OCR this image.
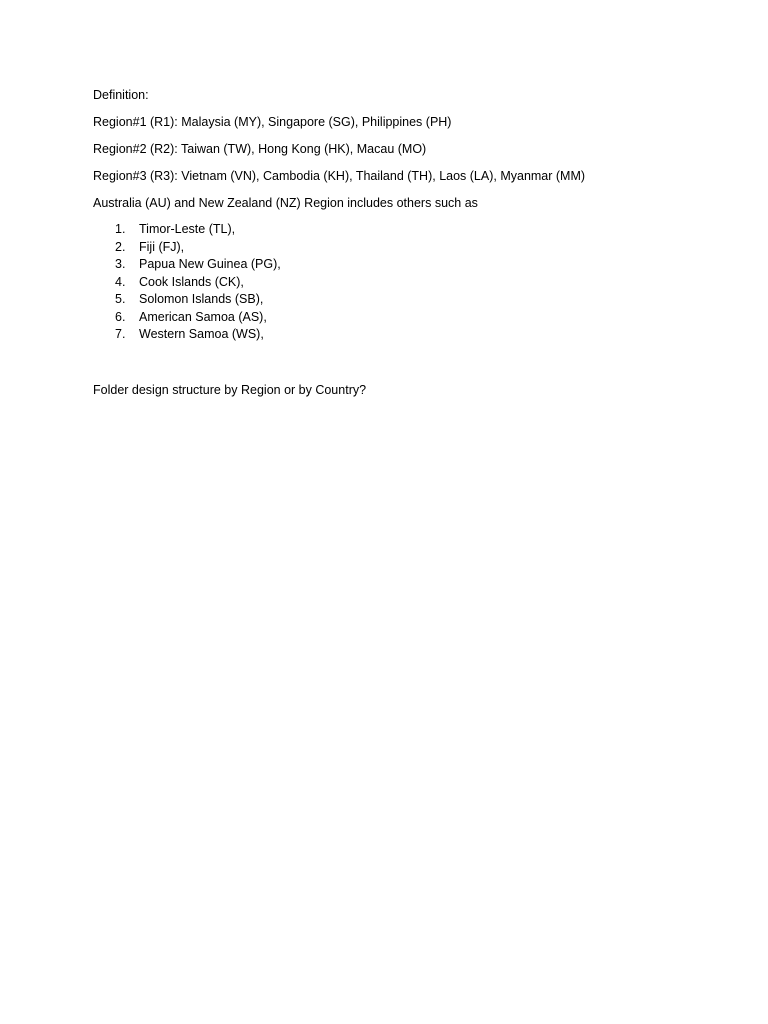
Definition:

Region#1 (R1): Malaysia (MY), Singapore (SG), Philippines (PH)

Region#2 (R2): Taiwan (TW), Hong Kong (HK), Macau (MO)

Region#3 (R3): Vietnam (VN), Cambodia (KH), Thailand (TH), Laos (LA), Myanmar (MM)

Australia (AU) and New Zealand (NZ) Region includes others such as

1.	Timor-Leste (TL),
2.	Fiji (FJ),
3.	Papua New Guinea (PG),
4.	Cook Islands (CK),
5.	Solomon Islands (SB),
6.	American Samoa (AS),
7.	Western Samoa (WS),

Folder design structure by Region or by Country?
